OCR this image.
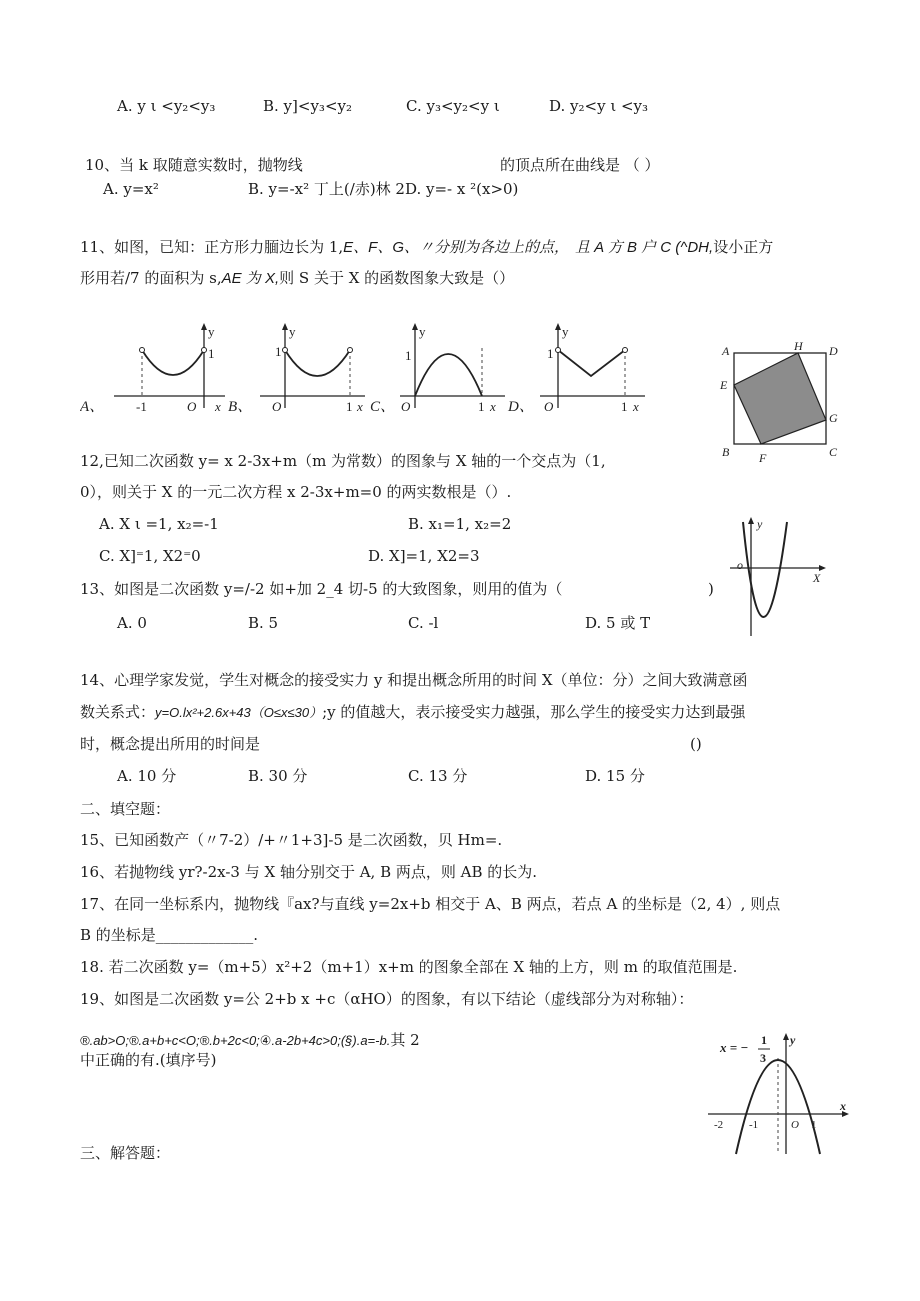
A. y ι <y₂<y₃	B. y]<y₃<y₂	C. y₃<y₂<y ι	D. y₂<y ι <y₃
10、当 k 取随意实数时，抛物线	的顶点所在曲线是 （ ）
A. y=x²	B. y=-x² 丁上(/赤)林 2D. y=- x ²(x>0)
11、如图，已知：正方形力腼边长为 1,E、F、G、〃分别为各边上的点， 且 A 方 B 户 C (^DH,设小正方
形用若/7 的面积为 s,AE 为 X,则 S 关于 X 的函数图象大致是（）
A、
y
1
-1	O x B、
y
1
O	1 x C、
y
1
O	1 x D、
y
1
O	1 x
A	H D
E
G
B F	C
12,已知二次函数 y= x 2-3x+m（m 为常数）的图象与 X 轴的一个交点为（1,
0），则关于 X 的一元二次方程 x 2-3x+m=0 的两实数根是（）.
A. X ι =1, x₂=-1	B. x₁=1, x₂=2
C. X]⁼1, X2⁼0	D. X]=1, X2=3
y
X
o
13、如图是二次函数 y=/-2 如+加 2_4 切-5 的大致图象，则用的值为（	)
A. 0	B. 5	C. -l	D. 5 或 T
14、心理学家发觉，学生对概念的接受实力 y 和提出概念所用的时间 X（单位：分）之间大致满意函
数关系式：y=O.lx²+2.6x+43（O≤x≤30）;y 的值越大，表示接受实力越强，那么学生的接受实力达到最强
时，概念提出所用的时间是	()
A. 10 分	B. 30 分	C. 13 分	D. 15 分
二、填空题：
15、已知函数产（〃7-2）/+〃1+3]-5 是二次函数，贝 Hm=.
16、若抛物线 yr?-2x-3 与 X 轴分别交于 A, B 两点，则 AB 的长为.
17、在同一坐标系内，抛物线『ax?与直线 y=2x+b 相交于 A、B 两点，若点 A 的坐标是（2, 4）, 则点
B 的坐标是_____________.
18. 若二次函数 y=（m+5）x²+2（m+1）x+m 的图象全部在 X 轴的上方，则 m 的取值范围是.
19、如图是二次函数 y=公 2+b x +c（αHO）的图象，有以下结论（虚线部分为对称轴）：
®.ab>O;®.a+b+c<O;®.b+2c<0;④.a-2b+4c>0;(§).a=-b.其 2
中正确的有.(填序号)
x = − 1
3
y
x
-2 -1	O 1
三、解答题：
